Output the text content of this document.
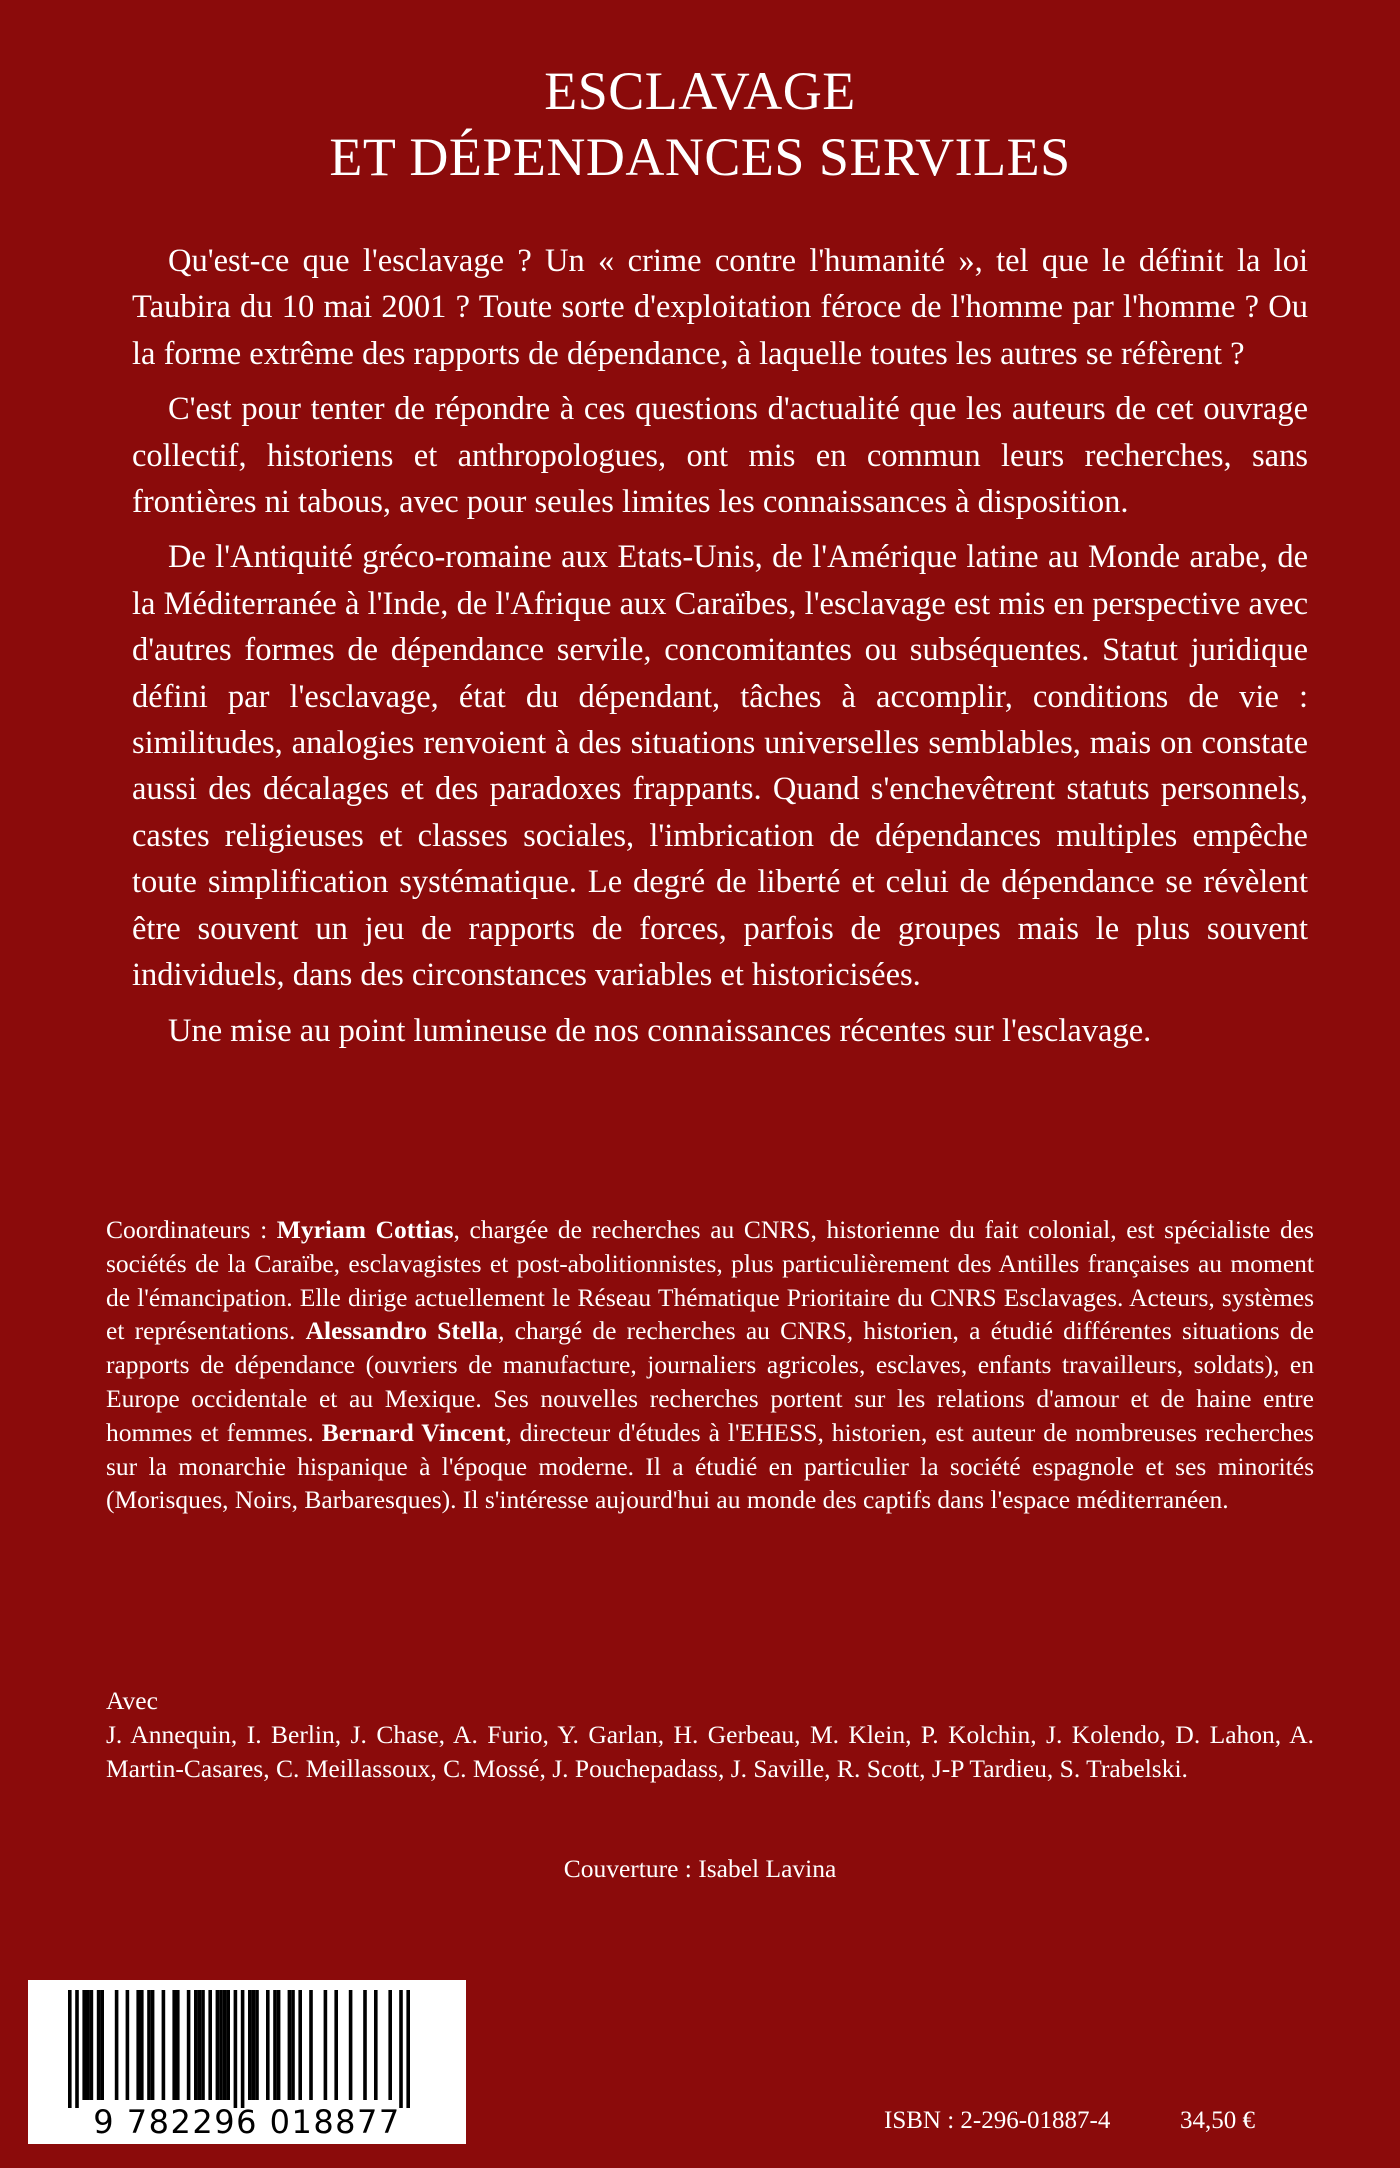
ESCLAVAGE
ET DÉPENDANCES SERVILES

Qu'est-ce que l'esclavage ? Un « crime contre l'humanité », tel que le définit la loi Taubira du 10 mai 2001 ? Toute sorte d'exploitation féroce de l'homme par l'homme ? Ou la forme extrême des rapports de dépendance, à laquelle toutes les autres se réfèrent ?

C'est pour tenter de répondre à ces questions d'actualité que les auteurs de cet ouvrage collectif, historiens et anthropologues, ont mis en commun leurs recherches, sans frontières ni tabous, avec pour seules limites les connaissances à disposition.

De l'Antiquité gréco-romaine aux Etats-Unis, de l'Amérique latine au Monde arabe, de la Méditerranée à l'Inde, de l'Afrique aux Caraïbes, l'esclavage est mis en perspective avec d'autres formes de dépendance servile, concomitantes ou subséquentes. Statut juridique défini par l'esclavage, état du dépendant, tâches à accomplir, conditions de vie : similitudes, analogies renvoient à des situations universelles semblables, mais on constate aussi des décalages et des paradoxes frappants. Quand s'enchevêtrent statuts personnels, castes religieuses et classes sociales, l'imbrication de dépendances multiples empêche toute simplification systématique. Le degré de liberté et celui de dépendance se révèlent être souvent un jeu de rapports de forces, parfois de groupes mais le plus souvent individuels, dans des circonstances variables et historicisées.

Une mise au point lumineuse de nos connaissances récentes sur l'esclavage.

Coordinateurs : Myriam Cottias, chargée de recherches au CNRS, historienne du fait colonial, est spécialiste des sociétés de la Caraïbe, esclavagistes et post-abolitionnistes, plus particulièrement des Antilles françaises au moment de l'émancipation. Elle dirige actuellement le Réseau Thématique Prioritaire du CNRS Esclavages. Acteurs, systèmes et représentations. Alessandro Stella, chargé de recherches au CNRS, historien, a étudié différentes situations de rapports de dépendance (ouvriers de manufacture, journaliers agricoles, esclaves, enfants travailleurs, soldats), en Europe occidentale et au Mexique. Ses nouvelles recherches portent sur les relations d'amour et de haine entre hommes et femmes. Bernard Vincent, directeur d'études à l'EHESS, historien, est auteur de nombreuses recherches sur la monarchie hispanique à l'époque moderne. Il a étudié en particulier la société espagnole et ses minorités (Morisques, Noirs, Barbaresques). Il s'intéresse aujourd'hui au monde des captifs dans l'espace méditerranéen.

Avec
J. Annequin, I. Berlin, J. Chase, A. Furio, Y. Garlan, H. Gerbeau, M. Klein, P. Kolchin, J. Kolendo, D. Lahon, A. Martin-Casares, C. Meillassoux, C. Mossé, J. Pouchepadass, J. Saville, R. Scott, J-P Tardieu, S. Trabelski.
Couverture : Isabel Lavina
9 782296 018877	ISBN : 2-296-01887-4	34,50 €
